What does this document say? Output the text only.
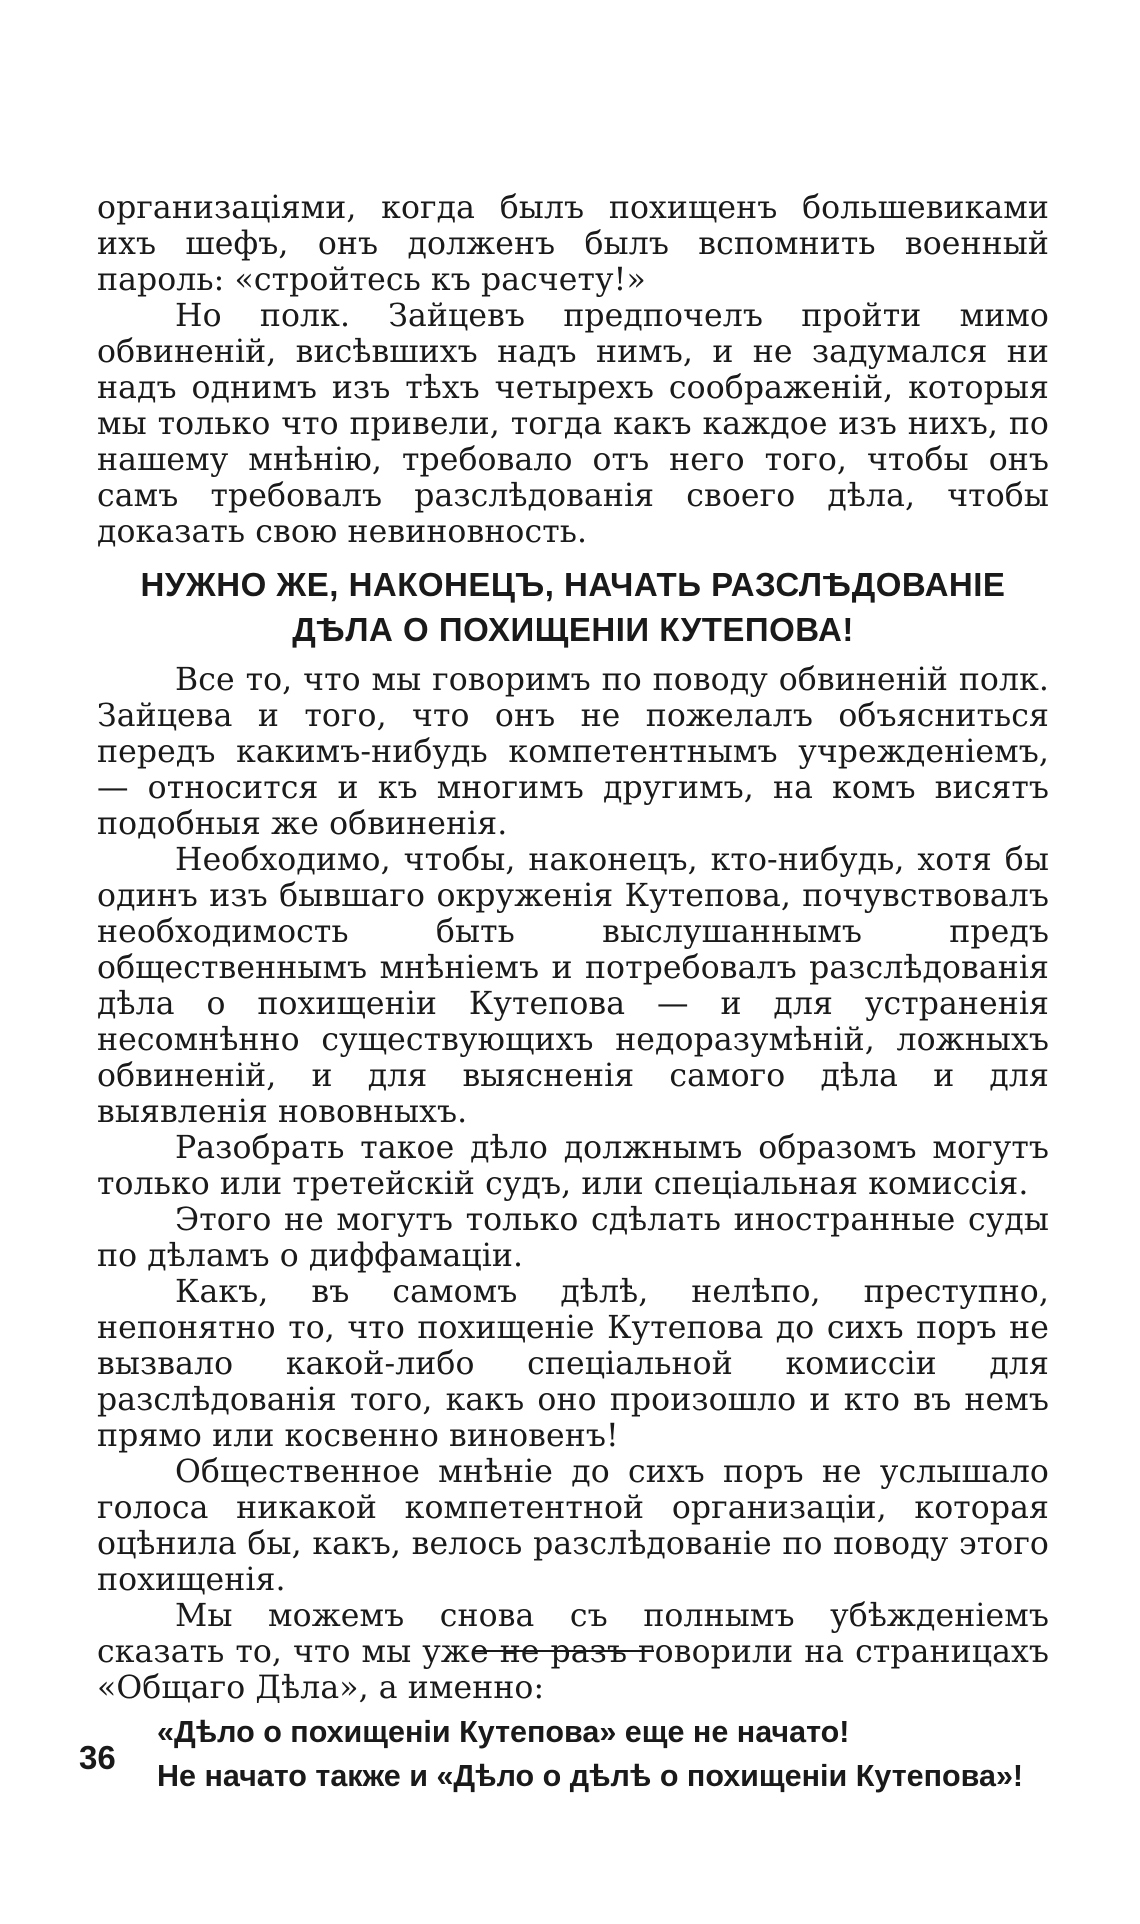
организаціями, когда былъ похищенъ большевиками ихъ шефъ, онъ долженъ былъ вспомнить военный пароль: «стройтесь къ расчету!»

Но полк. Зайцевъ предпочелъ пройти мимо обвиненій, висѣвшихъ надъ нимъ, и не задумался ни надъ однимъ изъ тѣхъ четырехъ соображеній, которыя мы только что привели, тогда какъ каждое изъ нихъ, по нашему мнѣнію, требовало отъ него того, чтобы онъ самъ требовалъ разслѣдованія своего дѣла, чтобы доказать свою невиновность.

НУЖНО ЖЕ, НАКОНЕЦЪ, НАЧАТЬ РАЗСЛѢДОВАНІЕ
ДѢЛА О ПОХИЩЕНІИ КУТЕПОВА!

Все то, что мы говоримъ по поводу обвиненій полк. Зайцева и того, что онъ не пожелалъ объясниться передъ какимъ-нибудь компетентнымъ учрежденіемъ, — относится и къ многимъ другимъ, на комъ висятъ подобныя же обвиненія.

Необходимо, чтобы, наконецъ, кто-нибудь, хотя бы одинъ изъ бывшаго окруженія Кутепова, почувствовалъ необходимость быть выслушаннымъ предъ общественнымъ мнѣніемъ и потребовалъ разслѣдованія дѣла о похищеніи Кутепова — и для устраненія несомнѣнно существующихъ недоразумѣній, ложныхъ обвиненій, и для выясненія самого дѣла и для выявленія нововныхъ.

Разобрать такое дѣло должнымъ образомъ могутъ только или третейскій судъ, или спеціальная комиссія.

Этого не могутъ только сдѣлать иностранные суды по дѣламъ о диффамаціи.

Какъ, въ самомъ дѣлѣ, нелѣпо, преступно, непонятно то, что похищеніе Кутепова до сихъ поръ не вызвало какой-либо спеціальной комиссіи для разслѣдованія того, какъ оно произошло и кто въ немъ прямо или косвенно виновенъ!

Общественное мнѣніе до сихъ поръ не услышало голоса никакой компетентной организаціи, которая оцѣнила бы, какъ, велось разслѣдованіе по поводу этого похищенія.

Мы можемъ снова съ полнымъ убѣжденіемъ сказать то, что мы уже не разъ говорили на страницахъ «Общаго Дѣла», а именно:

«Дѣло о похищеніи Кутепова» еще не начато!

Не начато также и «Дѣло о дѣлѣ о похищеніи Кутепова»!

36
